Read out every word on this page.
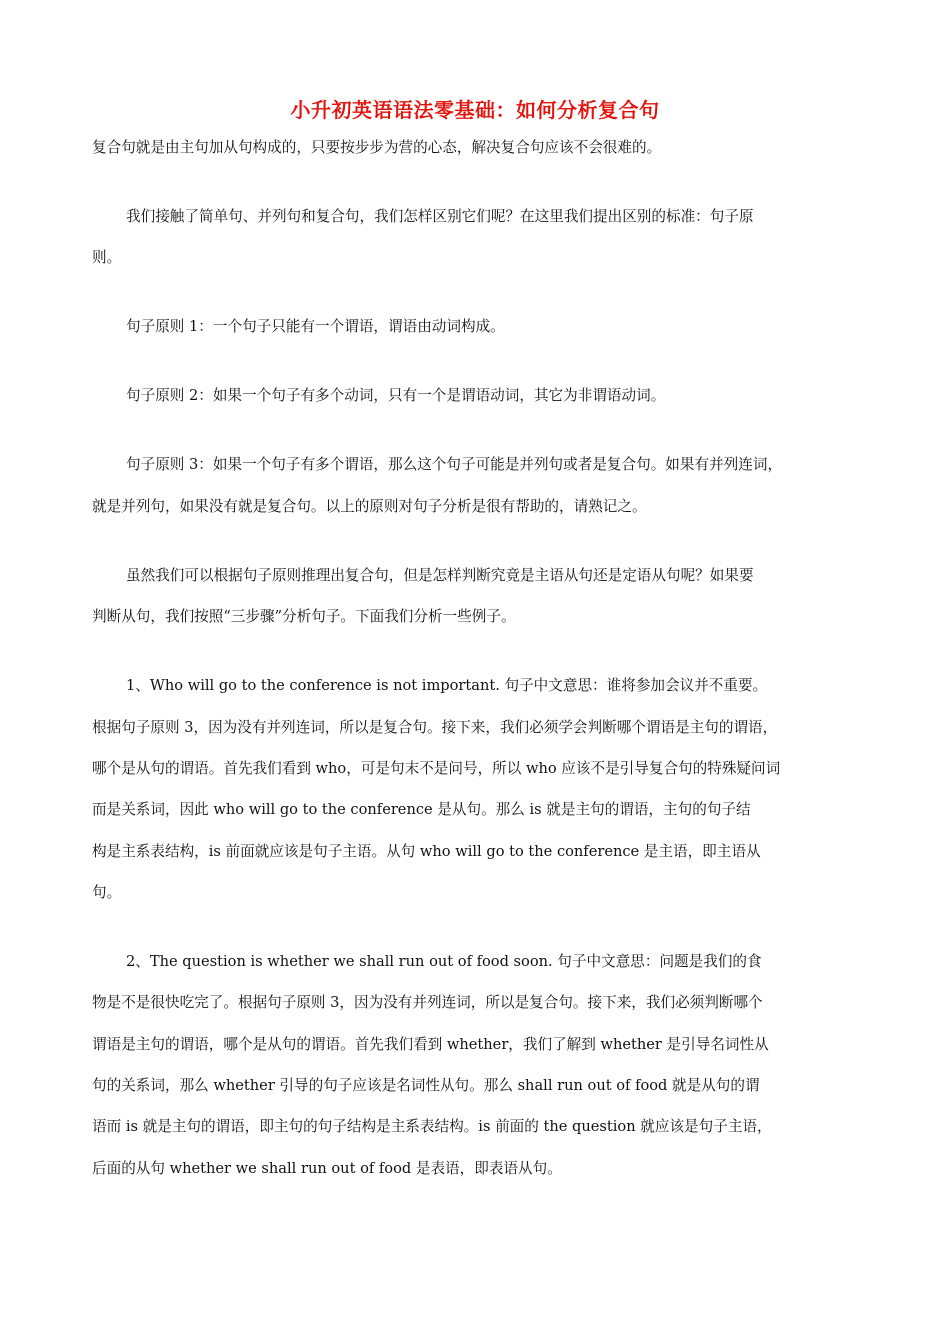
小升初英语语法零基础：如何分析复合句
复合句就是由主句加从句构成的，只要按步步为营的心态，解决复合句应该不会很难的。
我们接触了简单句、并列句和复合句，我们怎样区别它们呢？在这里我们提出区别的标准：句子原
则。
句子原则 1：一个句子只能有一个谓语，谓语由动词构成。
句子原则 2：如果一个句子有多个动词，只有一个是谓语动词，其它为非谓语动词。
句子原则 3：如果一个句子有多个谓语，那么这个句子可能是并列句或者是复合句。如果有并列连词，
就是并列句，如果没有就是复合句。以上的原则对句子分析是很有帮助的，请熟记之。
虽然我们可以根据句子原则推理出复合句，但是怎样判断究竟是主语从句还是定语从句呢？如果要
判断从句，我们按照“三步骤”分析句子。下面我们分析一些例子。
1、Who will go to the conference is not important. 句子中文意思：谁将参加会议并不重要。
根据句子原则 3，因为没有并列连词，所以是复合句。接下来，我们必须学会判断哪个谓语是主句的谓语，
哪个是从句的谓语。首先我们看到 who，可是句末不是问号，所以 who 应该不是引导复合句的特殊疑问词
而是关系词，因此 who will go to the conference 是从句。那么 is 就是主句的谓语，主句的句子结
构是主系表结构，is 前面就应该是句子主语。从句 who will go to the conference 是主语，即主语从
句。
2、The question is whether we shall run out of food soon. 句子中文意思：问题是我们的食
物是不是很快吃完了。根据句子原则 3，因为没有并列连词，所以是复合句。接下来，我们必须判断哪个
谓语是主句的谓语，哪个是从句的谓语。首先我们看到 whether，我们了解到 whether 是引导名词性从
句的关系词，那么 whether 引导的句子应该是名词性从句。那么 shall run out of food 就是从句的谓
语而 is 就是主句的谓语，即主句的句子结构是主系表结构。is 前面的 the question 就应该是句子主语，
后面的从句 whether we shall run out of food 是表语，即表语从句。
